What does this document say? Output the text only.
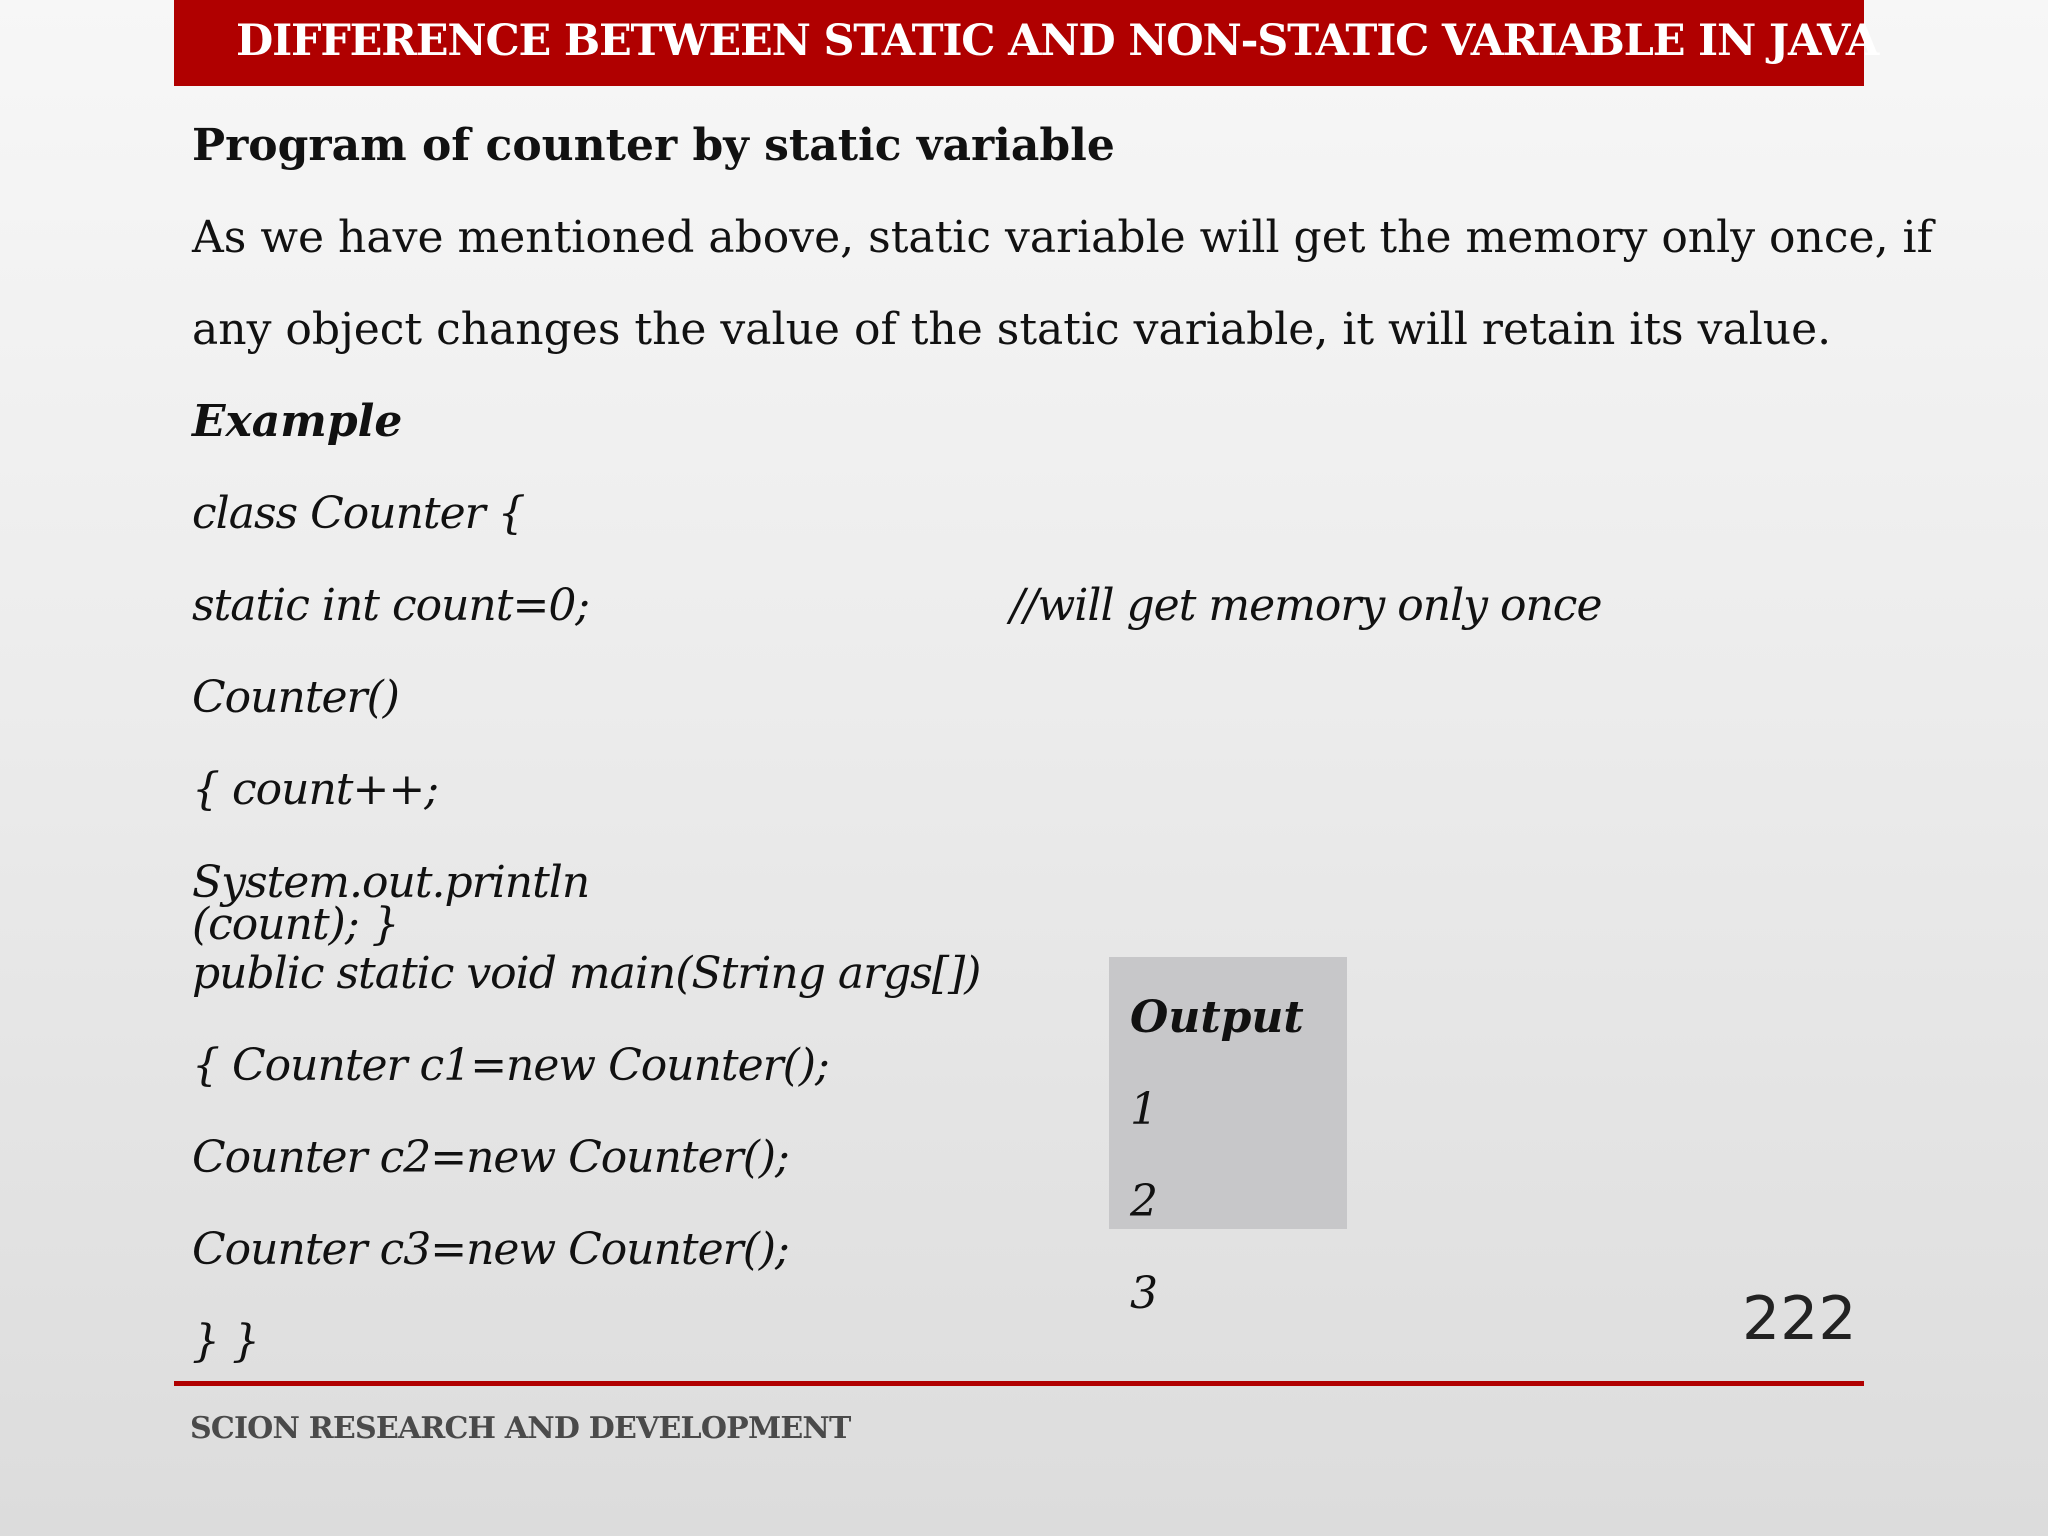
DIFFERENCE BETWEEN STATIC AND NON-STATIC VARIABLE IN JAVA
Program of counter by static variable
As we have mentioned above, static variable will get the memory only once, if
any object changes the value of the static variable, it will retain its value.
Example
class Counter {
static int count=0;	//will get memory only once
Counter()
{ count++;
System.out.println (count); }
public static void main(String args[])
{ Counter c1=new Counter();
Counter c2=new Counter();
Counter c3=new Counter();
} }
Output
1
2
3	222
SCION RESEARCH AND DEVELOPMENT
